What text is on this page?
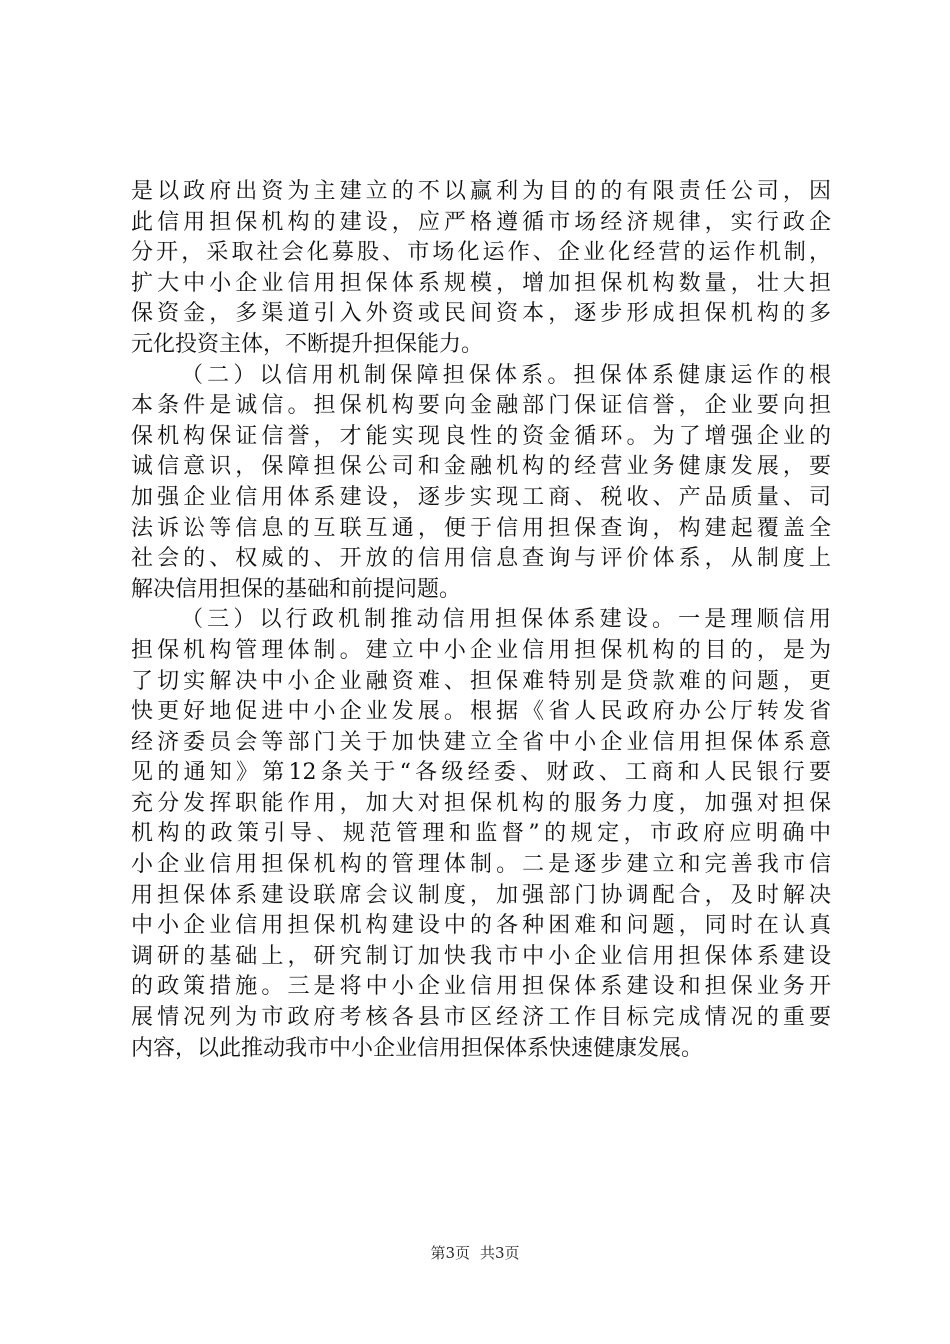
是以政府出资为主建立的不以赢利为目的的有限责任公司，因
此信用担保机构的建设，应严格遵循市场经济规律，实行政企
分开，采取社会化募股、市场化运作、企业化经营的运作机制，
扩大中小企业信用担保体系规模，增加担保机构数量，壮大担
保资金，多渠道引入外资或民间资本，逐步形成担保机构的多
元化投资主体，不断提升担保能力。
（二）以信用机制保障担保体系。担保体系健康运作的根
本条件是诚信。担保机构要向金融部门保证信誉，企业要向担
保机构保证信誉，才能实现良性的资金循环。为了增强企业的
诚信意识，保障担保公司和金融机构的经营业务健康发展，要
加强企业信用体系建设，逐步实现工商、税收、产品质量、司
法诉讼等信息的互联互通，便于信用担保查询，构建起覆盖全
社会的、权威的、开放的信用信息查询与评价体系，从制度上
解决信用担保的基础和前提问题。
（三）以行政机制推动信用担保体系建设。一是理顺信用
担保机构管理体制。建立中小企业信用担保机构的目的，是为
了切实解决中小企业融资难、担保难特别是贷款难的问题，更
快更好地促进中小企业发展。根据《省人民政府办公厅转发省
经济委员会等部门关于加快建立全省中小企业信用担保体系意
见的通知》第12条关于“各级经委、财政、工商和人民银行要
充分发挥职能作用，加大对担保机构的服务力度，加强对担保
机构的政策引导、规范管理和监督”的规定，市政府应明确中
小企业信用担保机构的管理体制。二是逐步建立和完善我市信
用担保体系建设联席会议制度，加强部门协调配合，及时解决
中小企业信用担保机构建设中的各种困难和问题，同时在认真
调研的基础上，研究制订加快我市中小企业信用担保体系建设
的政策措施。三是将中小企业信用担保体系建设和担保业务开
展情况列为市政府考核各县市区经济工作目标完成情况的重要
内容，以此推动我市中小企业信用担保体系快速健康发展。
第3页 共3页
